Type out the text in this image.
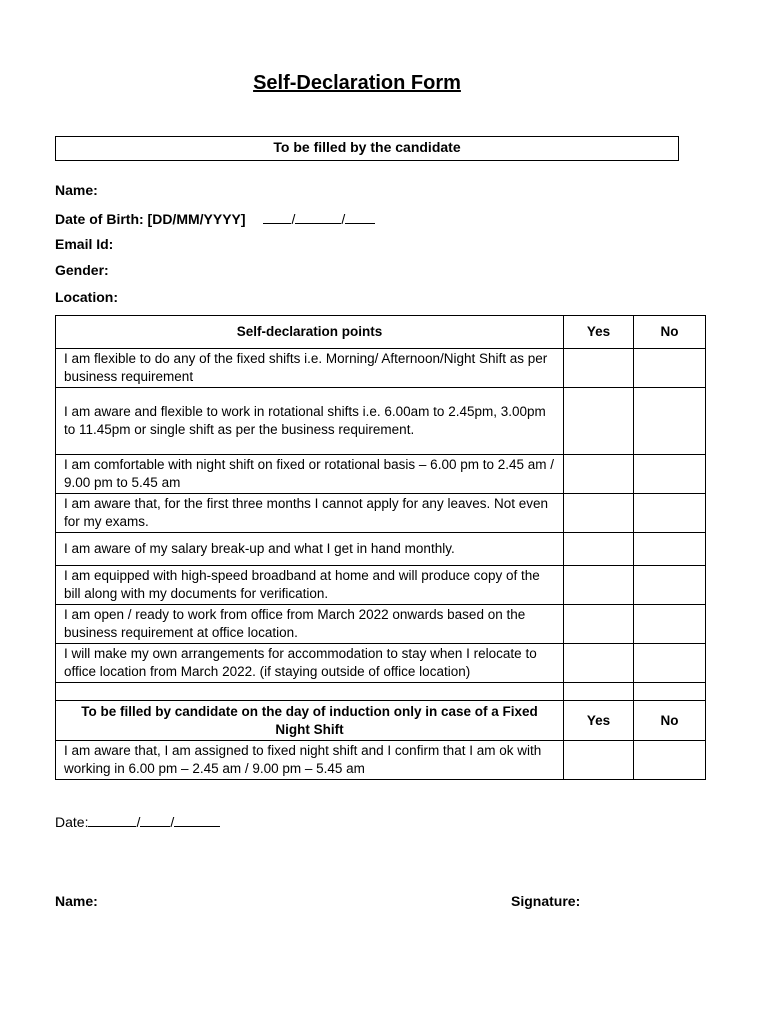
Self-Declaration Form
To be filled by the candidate
Name:
Date of Birth: [DD/MM/YYYY]	/	/
Email Id:
Gender:
Location:
Self-declaration points	Yes	No
I am flexible to do any of the fixed shifts i.e. Morning/ Afternoon/Night Shift as per business requirement		
I am aware and flexible to work in rotational shifts i.e. 6.00am to 2.45pm, 3.00pm to 11.45pm or single shift as per the business requirement.		
I am comfortable with night shift on fixed or rotational basis – 6.00 pm to 2.45 am / 9.00 pm to 5.45 am		
I am aware that, for the first three months I cannot apply for any leaves. Not even for my exams.		
I am aware of my salary break-up and what I get in hand monthly.		
I am equipped with high-speed broadband at home and will produce copy of the bill along with my documents for verification.		
I am open / ready to work from office from March 2022 onwards based on the business requirement at office location.		
I will make my own arrangements for accommodation to stay when I relocate to office location from March 2022. (if staying outside of office location)		

To be filled by candidate on the day of induction only in case of a Fixed Night Shift	Yes	No
I am aware that, I am assigned to fixed night shift and I confirm that I am ok with working in 6.00 pm – 2.45 am / 9.00 pm – 5.45 am		
Date:	/ /
Name:	Signature:
